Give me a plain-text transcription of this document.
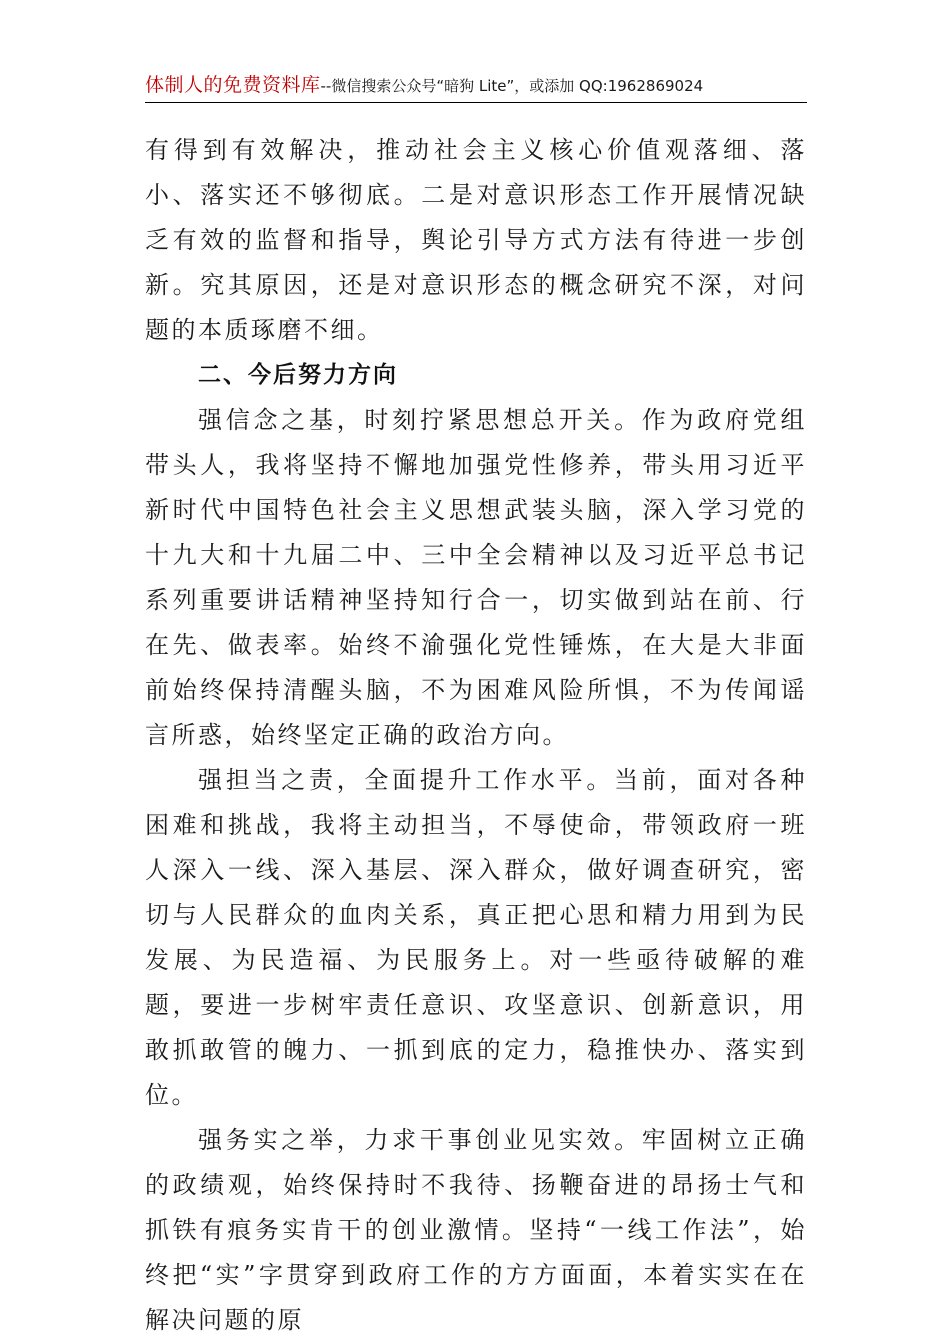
体制人的免费资料库--微信搜索公众号“暗狗 Lite”，或添加 QQ:1962869024

有得到有效解决，推动社会主义核心价值观落细、落小、落实还不够彻底。二是对意识形态工作开展情况缺乏有效的监督和指导，舆论引导方式方法有待进一步创新。究其原因，还是对意识形态的概念研究不深，对问题的本质琢磨不细。

二、今后努力方向

强信念之基，时刻拧紧思想总开关。作为政府党组带头人，我将坚持不懈地加强党性修养，带头用习近平新时代中国特色社会主义思想武装头脑，深入学习党的十九大和十九届二中、三中全会精神以及习近平总书记系列重要讲话精神坚持知行合一，切实做到站在前、行在先、做表率。始终不渝强化党性锤炼，在大是大非面前始终保持清醒头脑，不为困难风险所惧，不为传闻谣言所惑，始终坚定正确的政治方向。

强担当之责，全面提升工作水平。当前，面对各种困难和挑战，我将主动担当，不辱使命，带领政府一班人深入一线、深入基层、深入群众，做好调查研究，密切与人民群众的血肉关系，真正把心思和精力用到为民发展、为民造福、为民服务上。对一些亟待破解的难题，要进一步树牢责任意识、攻坚意识、创新意识，用敢抓敢管的魄力、一抓到底的定力，稳推快办、落实到位。

强务实之举，力求干事创业见实效。牢固树立正确的政绩观，始终保持时不我待、扬鞭奋进的昂扬士气和抓铁有痕务实肯干的创业激情。坚持“一线工作法”，始终把“实”字贯穿到政府工作的方方面面，本着实实在在解决问题的原
